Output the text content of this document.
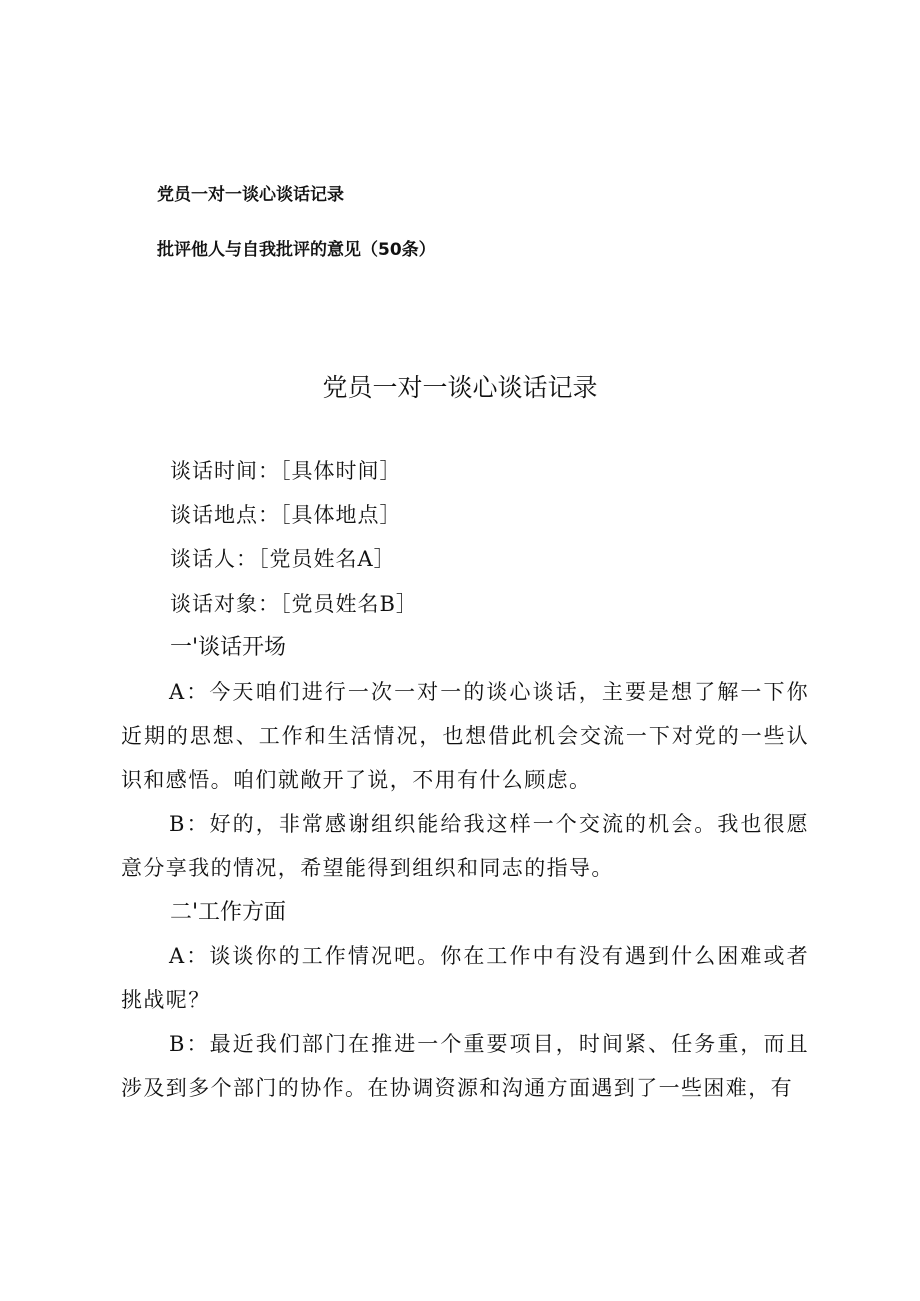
党员一对一谈心谈话记录
批评他人与自我批评的意见（50条）
党员一对一谈心谈话记录
谈话时间：［具体时间］
谈话地点：［具体地点］
谈话人：［党员姓名A］
谈话对象：［党员姓名B］
一'谈话开场

A：今天咱们进行一次一对一的谈心谈话，主要是想了解一下你近期的思想、工作和生活情况，也想借此机会交流一下对党的一些认识和感悟。咱们就敞开了说，不用有什么顾虑。

B：好的，非常感谢组织能给我这样一个交流的机会。我也很愿意分享我的情况，希望能得到组织和同志的指导。

二'工作方面

A：谈谈你的工作情况吧。你在工作中有没有遇到什么困难或者挑战呢？

B：最近我们部门在推进一个重要项目，时间紧、任务重，而且涉及到多个部门的协作。在协调资源和沟通方面遇到了一些困难，有
